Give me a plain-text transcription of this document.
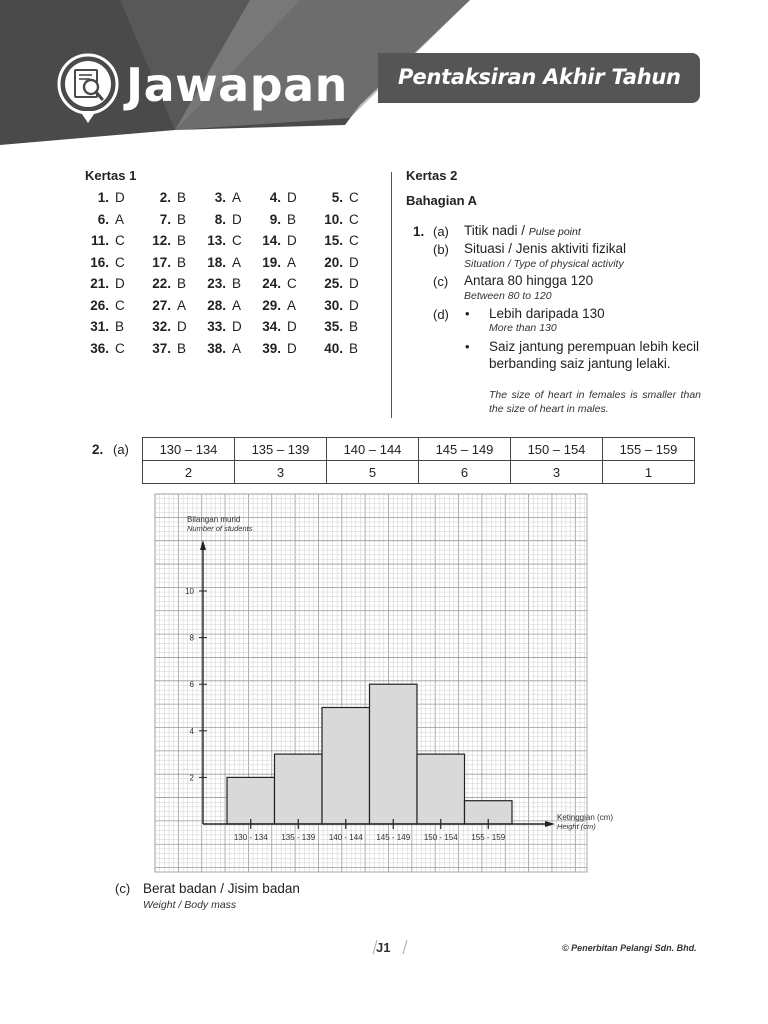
Jawapan Pentaksiran Akhir Tahun
Kertas 1
1. D	2. B	3. A	4. D	5. C
6. A	7. B	8. D	9. B	10. C
11. C	12. B	13. C	14. D	15. C
16. C	17. B	18. A	19. A	20. D
21. D	22. B	23. B	24. C	25. D
26. C	27. A	28. A	29. A	30. D
31. B	32. D	33. D	34. D	35. B
36. C	37. B	38. A	39. D	40. B
Kertas 2
Bahagian A
1. (a) Titik nadi / Pulse point
(b) Situasi / Jenis aktiviti fizikal
Situation / Type of physical activity
(c) Antara 80 hingga 120
Between 80 to 120
(d) • Lebih daripada 130
More than 130
• Saiz jantung perempuan lebih kecil berbanding saiz jantung lelaki.
The size of heart in females is smaller than the size of heart in males.
2. (a) 130 – 134	135 – 139	140 – 144	145 – 149	150 – 154	155 – 159
2	3	5	6	3	1
2
4
6
8
10
130 - 134 135 - 139 140 - 144 145 - 149 150 - 154 155 - 159
Bilangan murid
Number of students
Ketinggian (cm)
Height (cm)
(c) Berat badan / Jisim badan
Weight / Body mass
J1	© Penerbitan Pelangi Sdn. Bhd.
